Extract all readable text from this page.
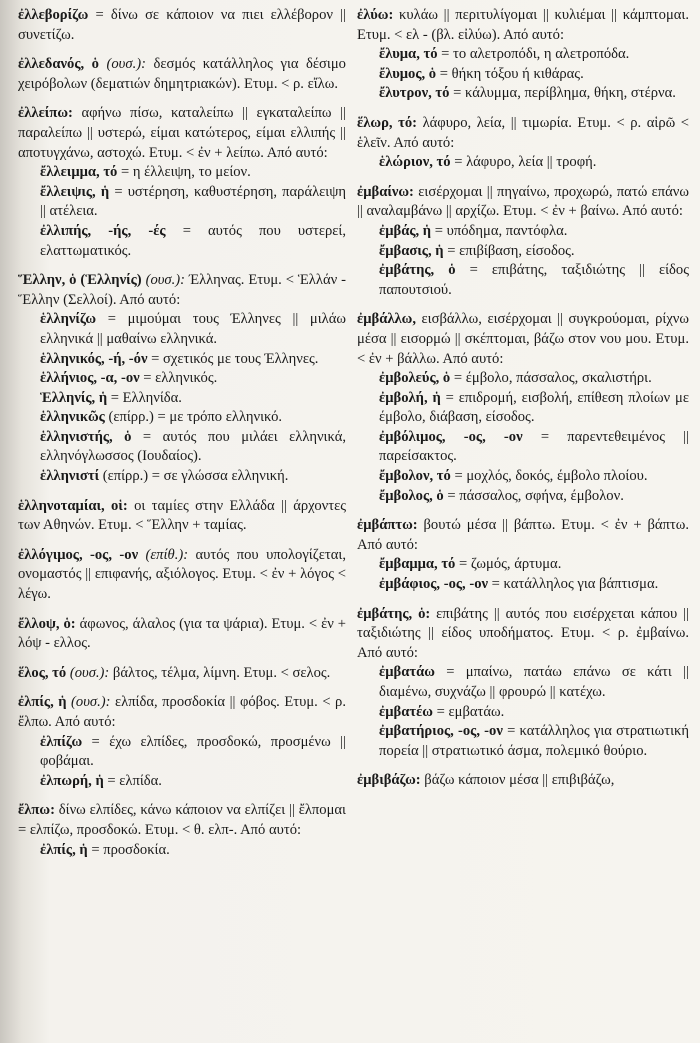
ἐλλεβορίζω = δίνω σε κάποιον να πιει ελλέβορον || συνετίζω.
ἐλλεδανός, ὁ (ουσ.): δεσμός κατάλληλος για δέσιμο χειρόβολων (δεματιών δημητριακών). Ετυμ. < ρ. εἴλω.
ἐλλείπω: αφήνω πίσω, καταλείπω || εγκαταλείπω || παραλείπω || υστερώ, είμαι κατώτερος, είμαι ελλιπής || αποτυγχάνω, αστοχώ. Ετυμ. < ἐν + λείπω. Από αυτό:
ἔλλειμμα, τό = η έλλειψη, το μείον.
ἔλλειψις, ἡ = υστέρηση, καθυστέρηση, παράλειψη || ατέλεια.
ἐλλιπής, -ής, -ές = αυτός που υστερεί, ελαττωματικός.
Ἕλλην, ὁ (Ἑλληνίς) (ουσ.): Έλληνας. Ετυμ. < Ἑλλάν - Ἕλλην (Σελλοί). Από αυτό:
ἑλληνίζω = μιμούμαι τους Έλληνες || μιλάω ελληνικά || μαθαίνω ελληνικά.
ἑλληνικός, -ή, -όν = σχετικός με τους Έλληνες.
ἑλλήνιος, -α, -ον = ελληνικός.
Ἑλληνίς, ἡ = Ελληνίδα.
ἑλληνικῶς (επίρρ.) = με τρόπο ελληνικό.
ἑλληνιστής, ὁ = αυτός που μιλάει ελληνικά, ελληνόγλωσσος (Ιουδαίος).
ἑλληνιστί (επίρρ.) = σε γλώσσα ελληνική.
ἑλληνοταμίαι, οἱ: οι ταμίες στην Ελλάδα || άρχοντες των Αθηνών. Ετυμ. < Ἕλλην + ταμίας.
ἐλλόγιμος, -ος, -ον (επίθ.): αυτός που υπολογίζεται, ονομαστός || επιφανής, αξιόλογος. Ετυμ. < ἐν + λόγος < λέγω.
ἔλλοψ, ὁ: άφωνος, άλαλος (για τα ψάρια). Ετυμ. < ἐν + λόψ - ελλος.
ἕλος, τό (ουσ.): βάλτος, τέλμα, λίμνη. Ετυμ. < σελος.
ἐλπίς, ἡ (ουσ.): ελπίδα, προσδοκία || φόβος. Ετυμ. < ρ. ἔλπω. Από αυτό:
ἐλπίζω = έχω ελπίδες, προσδοκώ, προσμένω || φοβάμαι.
ἐλπωρή, ἡ = ελπίδα.
ἔλπω: δίνω ελπίδες, κάνω κάποιον να ελπίζει || ἔλπομαι = ελπίζω, προσδοκώ. Ετυμ. < θ. ελπ-. Από αυτό:
ἐλπίς, ἡ = προσδοκία.
ἐλύω: κυλάω || περιτυλίγομαι || κυλιέμαι || κάμπτομαι. Ετυμ. < ελ - (βλ. εἰλύω). Από αυτό:
ἔλυμα, τό = το αλετροπόδι, η αλετροπόδα.
ἔλυμος, ὁ = θήκη τόξου ή κιθάρας.
ἔλυτρον, τό = κάλυμμα, περίβλημα, θήκη, στέρνα.
ἕλωρ, τό: λάφυρο, λεία, || τιμωρία. Ετυμ. < ρ. αἱρῶ < ἑλεῖν. Από αυτό:
ἑλώριον, τό = λάφυρο, λεία || τροφή.
ἐμβαίνω: εισέρχομαι || πηγαίνω, προχωρώ, πατώ επάνω || αναλαμβάνω || αρχίζω. Ετυμ. < ἐν + βαίνω. Από αυτό:
ἐμβάς, ἡ = υπόδημα, παντόφλα.
ἔμβασις, ἡ = επιβίβαση, είσοδος.
ἐμβάτης, ὁ = επιβάτης, ταξιδιώτης || είδος παπουτσιού.
ἐμβάλλω, εισβάλλω, εισέρχομαι || συγκρούομαι, ρίχνω μέσα || εισορμώ || σκέπτομαι, βάζω στον νου μου. Ετυμ. < ἐν + βάλλω. Από αυτό:
ἐμβολεύς, ὁ = έμβολο, πάσσαλος, σκαλιστήρι.
ἐμβολή, ἡ = επιδρομή, εισβολή, επίθεση πλοίων με έμβολο, διάβαση, είσοδος.
ἐμβόλιμος, -ος, -ον = παρεντεθειμένος || παρείσακτος.
ἔμβολον, τό = μοχλός, δοκός, έμβολο πλοίου.
ἔμβολος, ὁ = πάσσαλος, σφήνα, έμβολον.
ἐμβάπτω: βουτώ μέσα || βάπτω. Ετυμ. < ἐν + βάπτω. Από αυτό:
ἔμβαμμα, τό = ζωμός, άρτυμα.
ἐμβάφιος, -ος, -ον = κατάλληλος για βάπτισμα.
ἐμβάτης, ὁ: επιβάτης || αυτός που εισέρχεται κάπου || ταξιδιώτης || είδος υποδήματος. Ετυμ. < ρ. ἐμβαίνω. Από αυτό:
ἐμβατάω = μπαίνω, πατάω επάνω σε κάτι || διαμένω, συχνάζω || φρουρώ || κατέχω.
ἐμβατέω = εμβατάω.
ἐμβατήριος, -ος, -ον = κατάλληλος για στρατιωτική πορεία || στρατιωτικό άσμα, πολεμικό θούριο.
ἐμβιβάζω: βάζω κάποιον μέσα || επιβιβάζω,
